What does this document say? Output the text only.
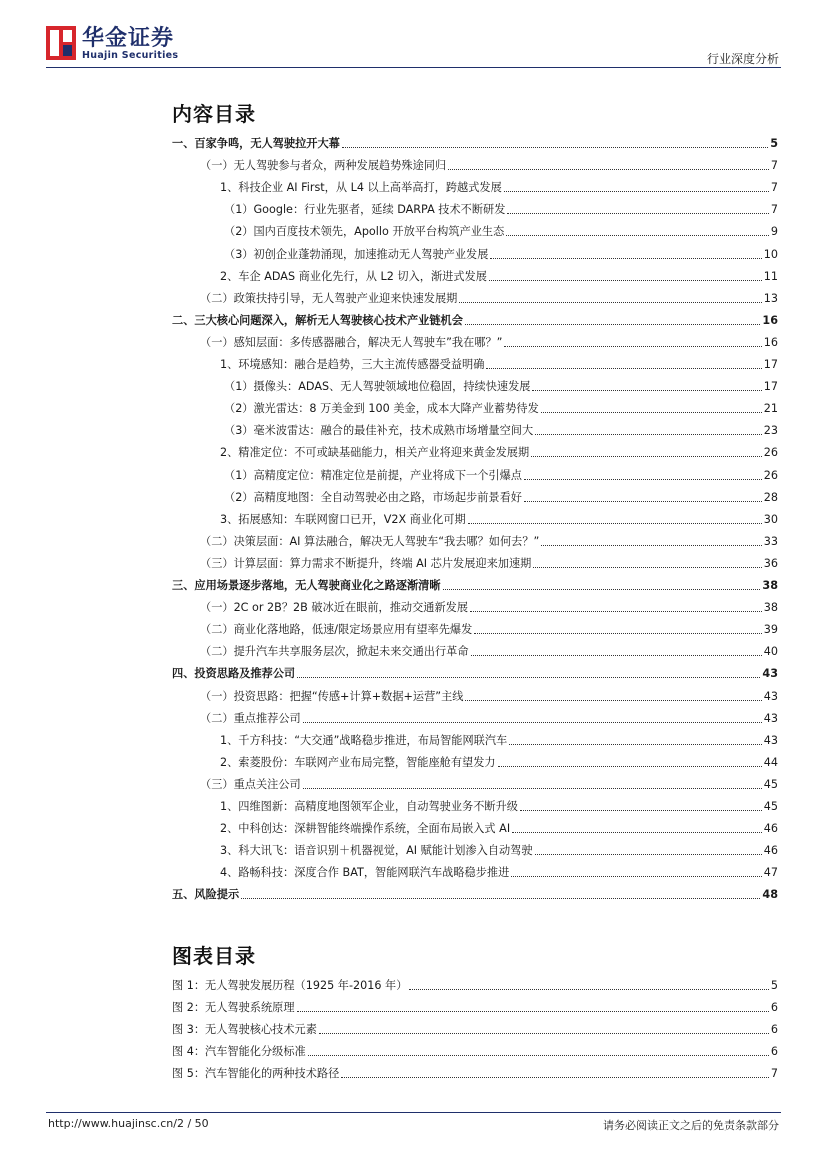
华金证券
Huajin Securities	行业深度分析
内容目录
一、百家争鸣，无人驾驶拉开大幕	5
（一）无人驾驶参与者众，两种发展趋势殊途同归	7
1、科技企业 AI First，从 L4 以上高举高打，跨越式发展	7
（1）Google：行业先驱者，延续 DARPA 技术不断研发	7
（2）国内百度技术领先，Apollo 开放平台构筑产业生态	9
（3）初创企业蓬勃涌现，加速推动无人驾驶产业发展	10
2、车企 ADAS 商业化先行，从 L2 切入，渐进式发展	11
（二）政策扶持引导，无人驾驶产业迎来快速发展期	13
二、三大核心问题深入，解析无人驾驶核心技术产业链机会	16
（一）感知层面：多传感器融合，解决无人驾驶车”我在哪？”	16
1、环境感知：融合是趋势，三大主流传感器受益明确	17
（1）摄像头：ADAS、无人驾驶领域地位稳固，持续快速发展	17
（2）激光雷达：8 万美金到 100 美金，成本大降产业蓄势待发	21
（3）毫米波雷达：融合的最佳补充，技术成熟市场增量空间大	23
2、精准定位：不可或缺基础能力，相关产业将迎来黄金发展期	26
（1）高精度定位：精准定位是前提，产业将成下一个引爆点	26
（2）高精度地图：全自动驾驶必由之路，市场起步前景看好	28
3、拓展感知：车联网窗口已开，V2X 商业化可期	30
（二）决策层面：AI 算法融合，解决无人驾驶车“我去哪？如何去？”	33
（三）计算层面：算力需求不断提升，终端 AI 芯片发展迎来加速期	36
三、应用场景逐步落地，无人驾驶商业化之路逐渐清晰	38
（一）2C or 2B？2B 破冰近在眼前，推动交通新发展	38
（二）商业化落地路，低速/限定场景应用有望率先爆发	39
（二）提升汽车共享服务层次，掀起未来交通出行革命	40
四、投资思路及推荐公司	43
（一）投资思路：把握“传感+计算+数据+运营”主线	43
（二）重点推荐公司	43
1、千方科技：“大交通”战略稳步推进，布局智能网联汽车	43
2、索菱股份：车联网产业布局完整，智能座舱有望发力	44
（三）重点关注公司	45
1、四维图新：高精度地图领军企业，自动驾驶业务不断升级	45
2、中科创达：深耕智能终端操作系统，全面布局嵌入式 AI	46
3、科大讯飞：语音识别＋机器视觉，AI 赋能计划渗入自动驾驶	46
4、路畅科技：深度合作 BAT，智能网联汽车战略稳步推进	47
五、风险提示	48
图表目录
图 1：无人驾驶发展历程（1925 年-2016 年）	5
图 2：无人驾驶系统原理	6
图 3：无人驾驶核心技术元素	6
图 4：汽车智能化分级标准	6
图 5：汽车智能化的两种技术路径	7
http://www.huajinsc.cn/2 / 50	请务必阅读正文之后的免责条款部分
